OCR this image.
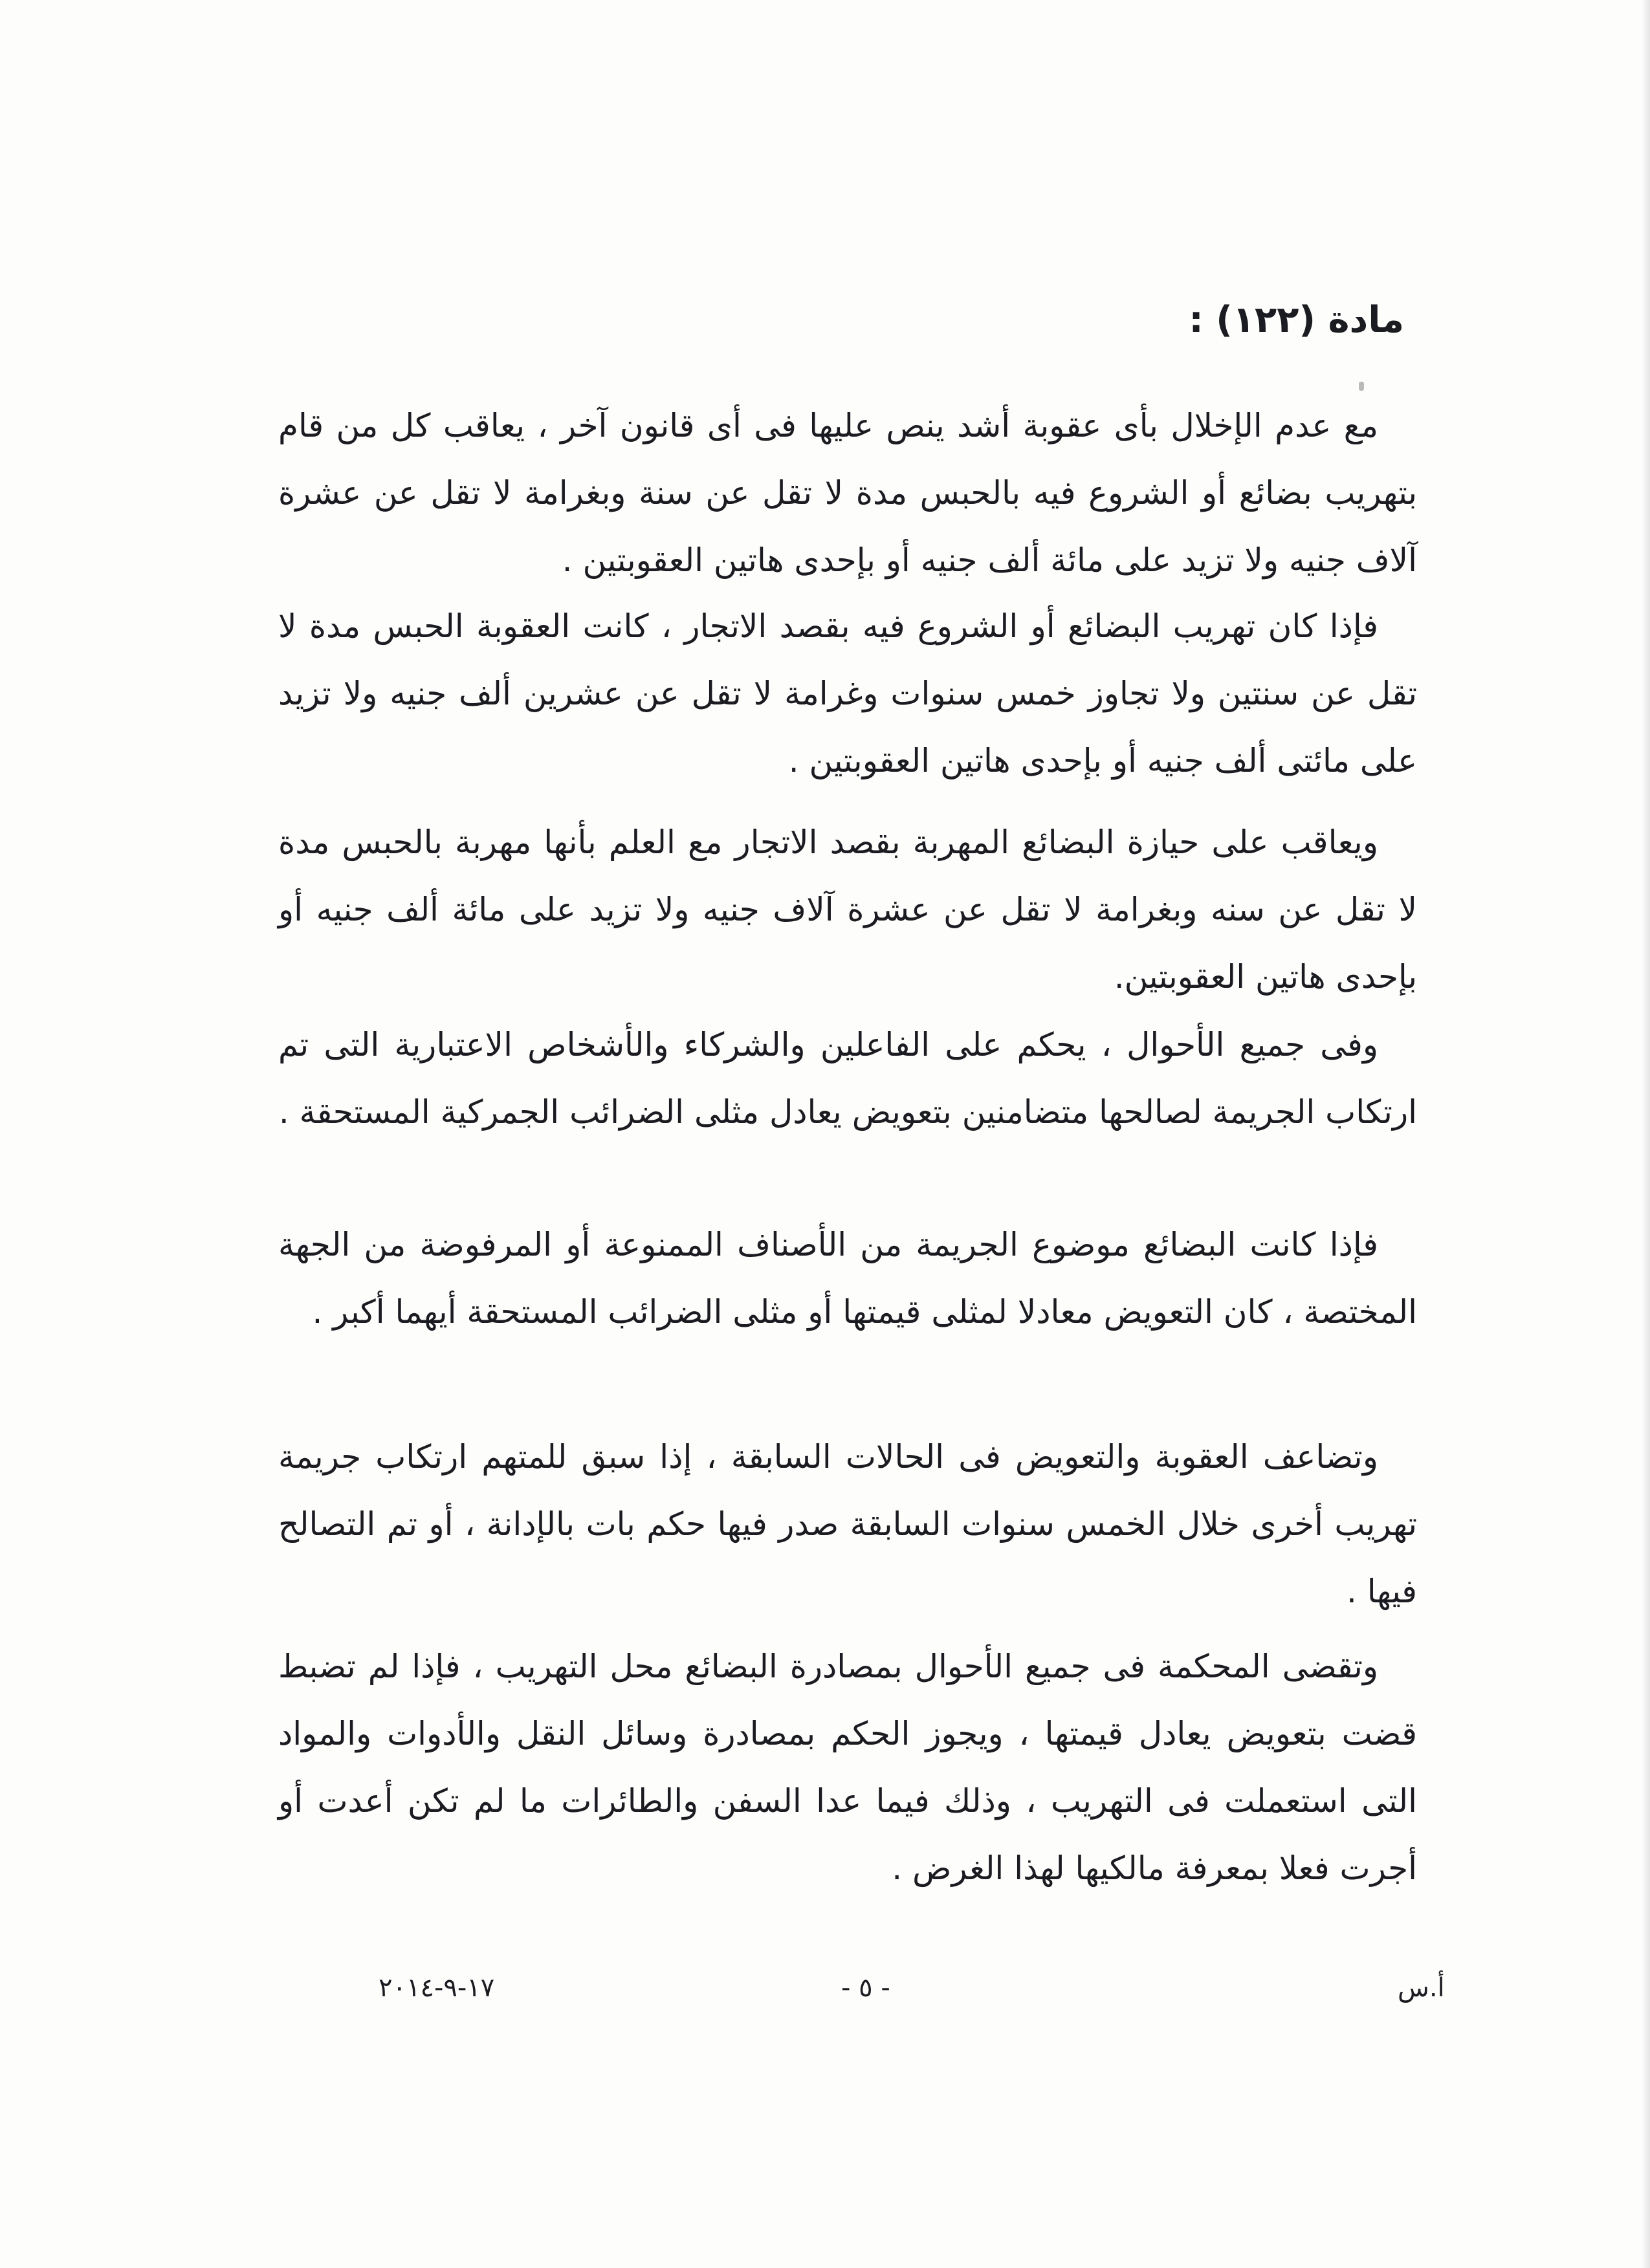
مادة (١٢٢) :

مع عدم الإخلال بأى عقوبة أشد ينص عليها فى أى قانون آخر ، يعاقب كل من قام بتهريب بضائع أو الشروع فيه بالحبس مدة لا تقل عن سنة وبغرامة لا تقل عن عشرة آلاف جنيه ولا تزيد على مائة ألف جنيه أو بإحدى هاتين العقوبتين .

فإذا كان تهريب البضائع أو الشروع فيه بقصد الاتجار ، كانت العقوبة الحبس مدة لا تقل عن سنتين ولا تجاوز خمس سنوات وغرامة لا تقل عن عشرين ألف جنيه ولا تزيد على مائتى ألف جنيه أو بإحدى هاتين العقوبتين .

ويعاقب على حيازة البضائع المهربة بقصد الاتجار مع العلم بأنها مهربة بالحبس مدة لا تقل عن سنه وبغرامة لا تقل عن عشرة آلاف جنيه ولا تزيد على مائة ألف جنيه أو بإحدى هاتين العقوبتين.

وفى جميع الأحوال ، يحكم على الفاعلين والشركاء والأشخاص الاعتبارية التى تم ارتكاب الجريمة لصالحها متضامنين بتعويض يعادل مثلى الضرائب الجمركية المستحقة .

فإذا كانت البضائع موضوع الجريمة من الأصناف الممنوعة أو المرفوضة من الجهة المختصة ، كان التعويض معادلا لمثلى قيمتها أو مثلى الضرائب المستحقة أيهما أكبر .

وتضاعف العقوبة والتعويض فى الحالات السابقة ، إذا سبق للمتهم ارتكاب جريمة تهريب أخرى خلال الخمس سنوات السابقة صدر فيها حكم بات بالإدانة ، أو تم التصالح فيها .

وتقضى المحكمة فى جميع الأحوال بمصادرة البضائع محل التهريب ، فإذا لم تضبط قضت بتعويض يعادل قيمتها ، ويجوز الحكم بمصادرة وسائل النقل والأدوات والمواد التى استعملت فى التهريب ، وذلك فيما عدا السفن والطائرات ما لم تكن أعدت أو أجرت فعلا بمعرفة مالكيها لهذا الغرض .

١٧-٩-٢٠١٤	- ٥ -	أ.س
